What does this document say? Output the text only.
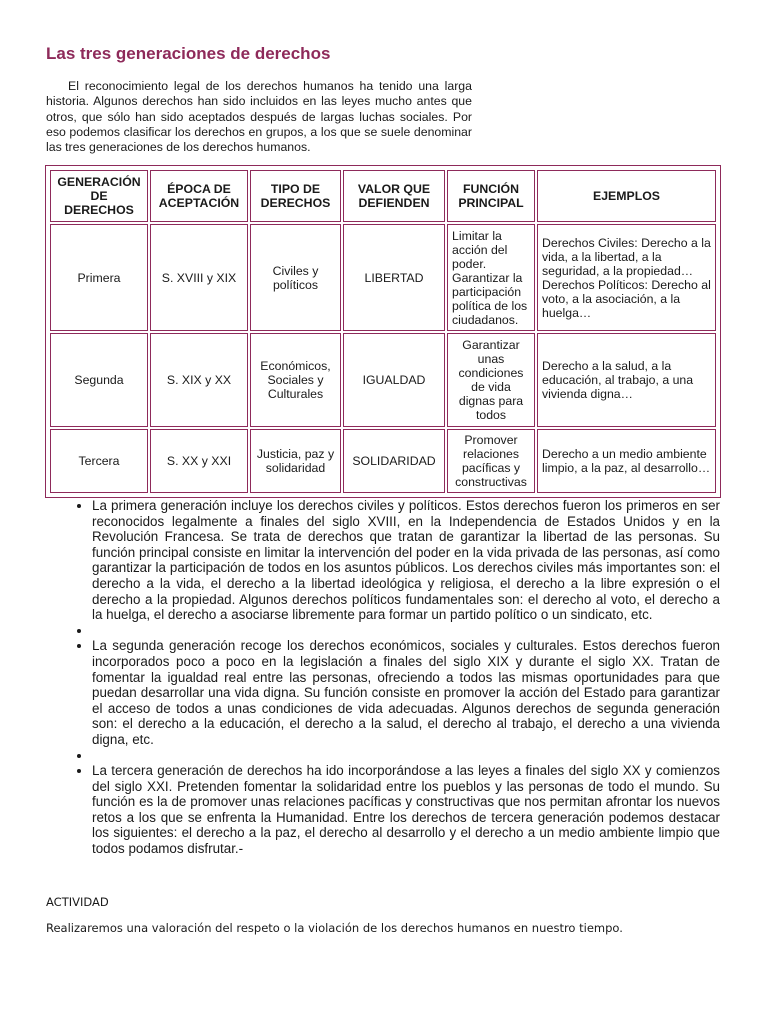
Las tres generaciones de derechos

El reconocimiento legal de los derechos humanos ha tenido una larga historia. Algunos derechos han sido incluidos en las leyes mucho antes que otros, que sólo han sido aceptados después de largas luchas sociales. Por eso podemos clasificar los derechos en grupos, a los que se suele denominar las tres generaciones de los derechos humanos.

GENERACIÓN DE DERECHOS	ÉPOCA DE ACEPTACIÓN	TIPO DE DERECHOS	VALOR QUE DEFIENDEN	FUNCIÓN PRINCIPAL	EJEMPLOS
Primera	S. XVIII y XIX	Civiles y políticos	LIBERTAD	Limitar la acción del poder. Garantizar la participación política de los ciudadanos.	Derechos Civiles: Derecho a la vida, a la libertad, a la seguridad, a la propiedad… Derechos Políticos: Derecho al voto, a la asociación, a la huelga…
Segunda	S. XIX y XX	Económicos, Sociales y Culturales	IGUALDAD	Garantizar unas condiciones de vida dignas para todos	Derecho a la salud, a la educación, al trabajo, a una vivienda digna…
Tercera	S. XX y XXI	Justicia, paz y solidaridad	SOLIDARIDAD	Promover relaciones pacíficas y constructivas	Derecho a un medio ambiente limpio, a la paz, al desarrollo…
• La primera generación incluye los derechos civiles y políticos. Estos derechos fueron los primeros en ser reconocidos legalmente a finales del siglo XVIII, en la Independencia de Estados Unidos y en la Revolución Francesa. Se trata de derechos que tratan de garantizar la libertad de las personas. Su función principal consiste en limitar la intervención del poder en la vida privada de las personas, así como garantizar la participación de todos en los asuntos públicos. Los derechos civiles más importantes son: el derecho a la vida, el derecho a la libertad ideológica y religiosa, el derecho a la libre expresión o el derecho a la propiedad. Algunos derechos políticos fundamentales son: el derecho al voto, el derecho a la huelga, el derecho a asociarse libremente para formar un partido político o un sindicato, etc.
•
• La segunda generación recoge los derechos económicos, sociales y culturales. Estos derechos fueron incorporados poco a poco en la legislación a finales del siglo XIX y durante el siglo XX. Tratan de fomentar la igualdad real entre las personas, ofreciendo a todos las mismas oportunidades para que puedan desarrollar una vida digna. Su función consiste en promover la acción del Estado para garantizar el acceso de todos a unas condiciones de vida adecuadas. Algunos derechos de segunda generación son: el derecho a la educación, el derecho a la salud, el derecho al trabajo, el derecho a una vivienda digna, etc.
•
• La tercera generación de derechos ha ido incorporándose a las leyes a finales del siglo XX y comienzos del siglo XXI. Pretenden fomentar la solidaridad entre los pueblos y las personas de todo el mundo. Su función es la de promover unas relaciones pacíficas y constructivas que nos permitan afrontar los nuevos retos a los que se enfrenta la Humanidad. Entre los derechos de tercera generación podemos destacar los siguientes: el derecho a la paz, el derecho al desarrollo y el derecho a un medio ambiente limpio que todos podamos disfrutar.-

ACTIVIDAD

Realizaremos una valoración del respeto o la violación de los derechos humanos en nuestro tiempo.
